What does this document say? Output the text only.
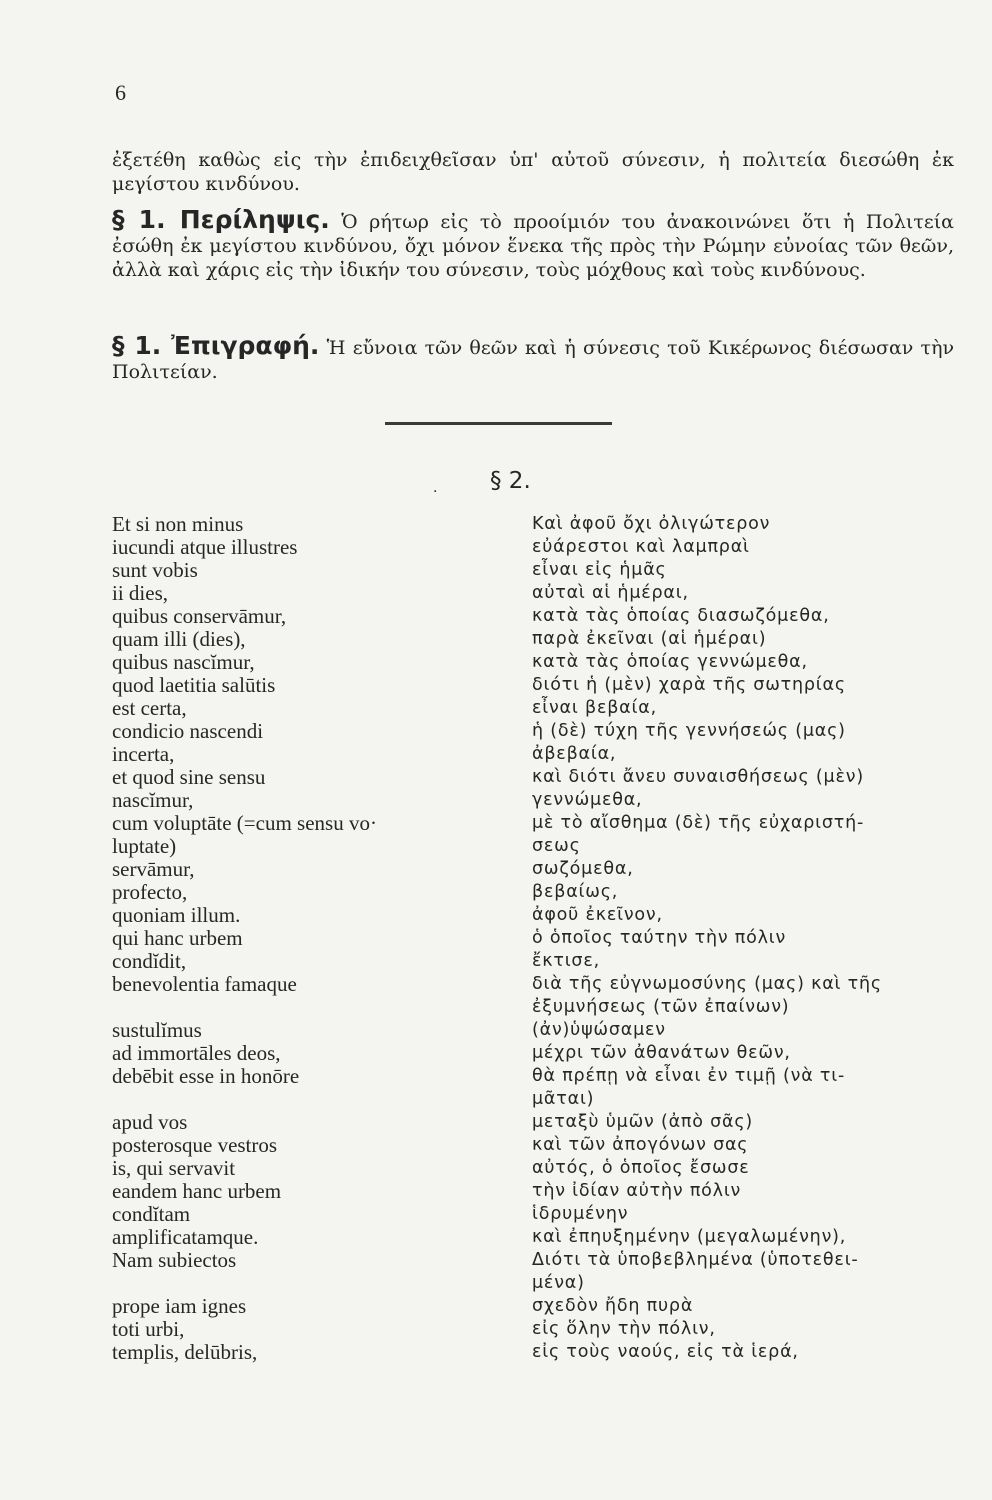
6
ἐξετέθη καθὼς εἰς τὴν ἐπιδειχθεῖσαν ὑπ' αὐτοῦ σύνεσιν, ἡ πολιτεία διεσώθη ἐκ μεγίστου κινδύνου.
§ 1. Περίληψις. Ὁ ρήτωρ εἰς τὸ προοίμιόν του ἀνακοινώνει ὅτι ἡ Πολιτεία ἐσώθη ἐκ μεγίστου κινδύνου, ὄχι μόνον ἕνεκα τῆς πρὸς τὴν Ρώμην εὐνοίας τῶν θεῶν, ἀλλὰ καὶ χάρις εἰς τὴν ἰδικήν του σύνεσιν, τοὺς μόχθους καὶ τοὺς κινδύνους.
§ 1. Ἐπιγραφή. Ἡ εὔνοια τῶν θεῶν καὶ ἡ σύνεσις τοῦ Κικέρωνος διέσωσαν τὴν Πολιτείαν.
. § 2.
Et si non minus
iucundi atque illustres
sunt vobis
ii dies,
quibus conservāmur,
quam illi (dies),
quibus nascĭmur,
quod laetitia salūtis
est certa,
condicio nascendi
incerta,
et quod sine sensu
nascĭmur,
cum voluptāte (=cum sensu vo·
luptate)
servāmur,
profecto,
quoniam illum.
qui hanc urbem
condĭdit,
benevolentia famaque
sustulĭmus
ad immortāles deos,
debēbit esse in honōre
apud vos
posterosque vestros
is, qui servavit
eandem hanc urbem
condĭtam
amplificatamque.
Nam subiectos
prope iam ignes
toti urbi,
templis, delūbris,
Καὶ ἀφοῦ ὄχι ὀλιγώτερον
εὐάρεστοι καὶ λαμπραὶ
εἶναι εἰς ἡμᾶς
αὐταὶ αἱ ἡμέραι,
κατὰ τὰς ὁποίας διασωζόμεθα,
παρὰ ἐκεῖναι (αἱ ἡμέραι)
κατὰ τὰς ὁποίας γεννώμεθα,
διότι ἡ (μὲν) χαρὰ τῆς σωτηρίας
εἶναι βεβαία,
ἡ (δὲ) τύχη τῆς γεννήσεώς (μας)
ἀβεβαία,
καὶ διότι ἄνευ συναισθήσεως (μὲν)
γεννώμεθα,
μὲ τὸ αἴσθημα (δὲ) τῆς εὐχαριστή-
σεως
σωζόμεθα,
βεβαίως,
ἀφοῦ ἐκεῖνον,
ὁ ὁποῖος ταύτην τὴν πόλιν
ἔκτισε,
διὰ τῆς εὐγνωμοσύνης (μας) καὶ τῆς
ἐξυμνήσεως (τῶν ἐπαίνων)
(ἀν)ὑψώσαμεν
μέχρι τῶν ἀθανάτων θεῶν,
θὰ πρέπῃ νὰ εἶναι ἐν τιμῇ (νὰ τι-
μᾶται)
μεταξὺ ὑμῶν (ἀπὸ σᾶς)
καὶ τῶν ἀπογόνων σας
αὐτός, ὁ ὁποῖος ἔσωσε
τὴν ἰδίαν αὐτὴν πόλιν
ἱδρυμένην
καὶ ἐπηυξημένην (μεγαλωμένην),
Διότι τὰ ὑποβεβλημένα (ὑποτεθει-
μένα)
σχεδὸν ἤδη πυρὰ
εἰς ὅλην τὴν πόλιν,
εἰς τοὺς ναούς, εἰς τὰ ἱερά,
